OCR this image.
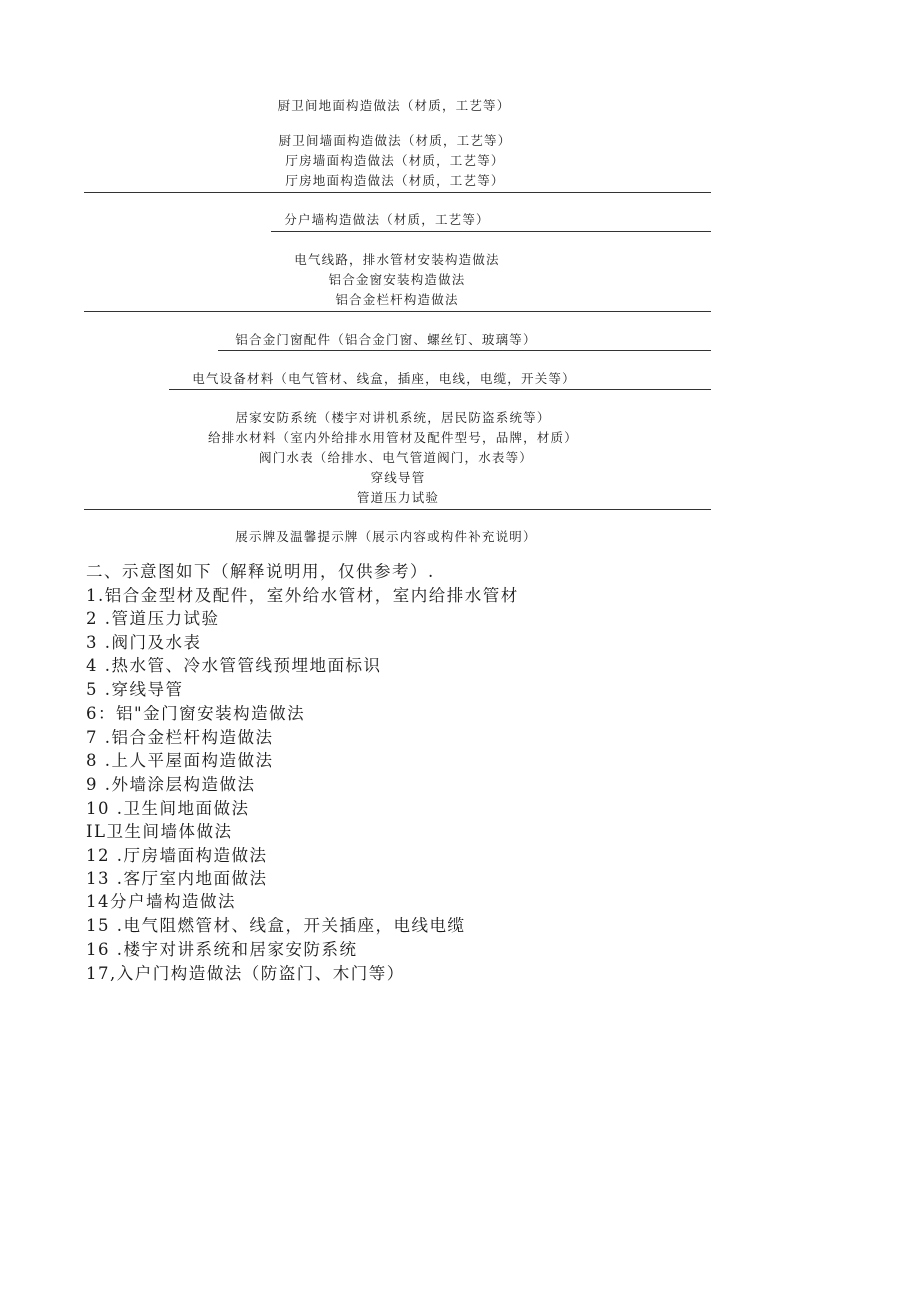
厨卫间地面构造做法（材质，工艺等）
厨卫间墙面构造做法（材质，工艺等）
厅房墙面构造做法（材质，工艺等）
厅房地面构造做法（材质，工艺等）
分户墙构造做法（材质，工艺等）
电气线路，排水管材安装构造做法
铝合金窗安装构造做法
铝合金栏杆构造做法
铝合金门窗配件（铝合金门窗、螺丝钉、玻璃等）
电气设备材料（电气管材、线盒，插座，电线，电缆，开关等）
居家安防系统（楼宇对讲机系统，居民防盗系统等）
给排水材料（室内外给排水用管材及配件型号，品牌，材质）
阀门水表（给排水、电气管道阀门，水表等）
穿线导管
管道压力试验
展示牌及温馨提示牌（展示内容或构件补充说明）
二、示意图如下（解释说明用，仅供参考）.
1.铝合金型材及配件，室外给水管材，室内给排水管材
2 .管道压力试验
3 .阀门及水表
4 .热水管、冷水管管线预埋地面标识
5 .穿线导管
6：铝"金门窗安装构造做法
7 .铝合金栏杆构造做法
8 .上人平屋面构造做法
9 .外墙涂层构造做法
10 .卫生间地面做法
IL卫生间墙体做法
12 .厅房墙面构造做法
13 .客厅室内地面做法
14分户墙构造做法
15 .电气阻燃管材、线盒，开关插座，电线电缆
16 .楼宇对讲系统和居家安防系统
17,入户门构造做法（防盗门、木门等）
